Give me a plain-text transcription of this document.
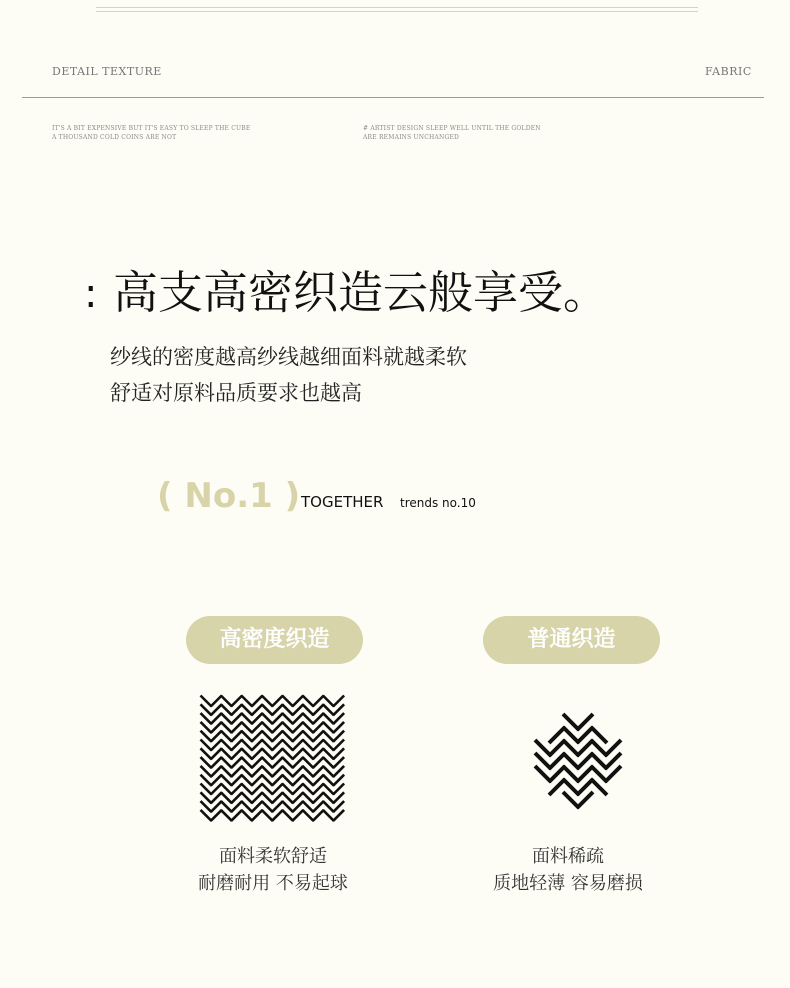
DETAIL TEXTURE	FABRIC
IT'S A BIT EXPENSIVE BUT IT'S EASY TO SLEEP THE CUBE
A THOUSAND COLD COINS ARE NOT
# ARTIST DESIGN SLEEP WELL UNTIL THE GOLDEN
ARE REMAINS UNCHANGED
: 高支高密织造云般享受。
纱线的密度越高纱线越细面料就越柔软
舒适对原料品质要求也越高
( No.1 ) TOGETHER trends no.10
高密度织造	普通织造
面料柔软舒适
耐磨耐用 不易起球
面料稀疏
质地轻薄 容易磨损
